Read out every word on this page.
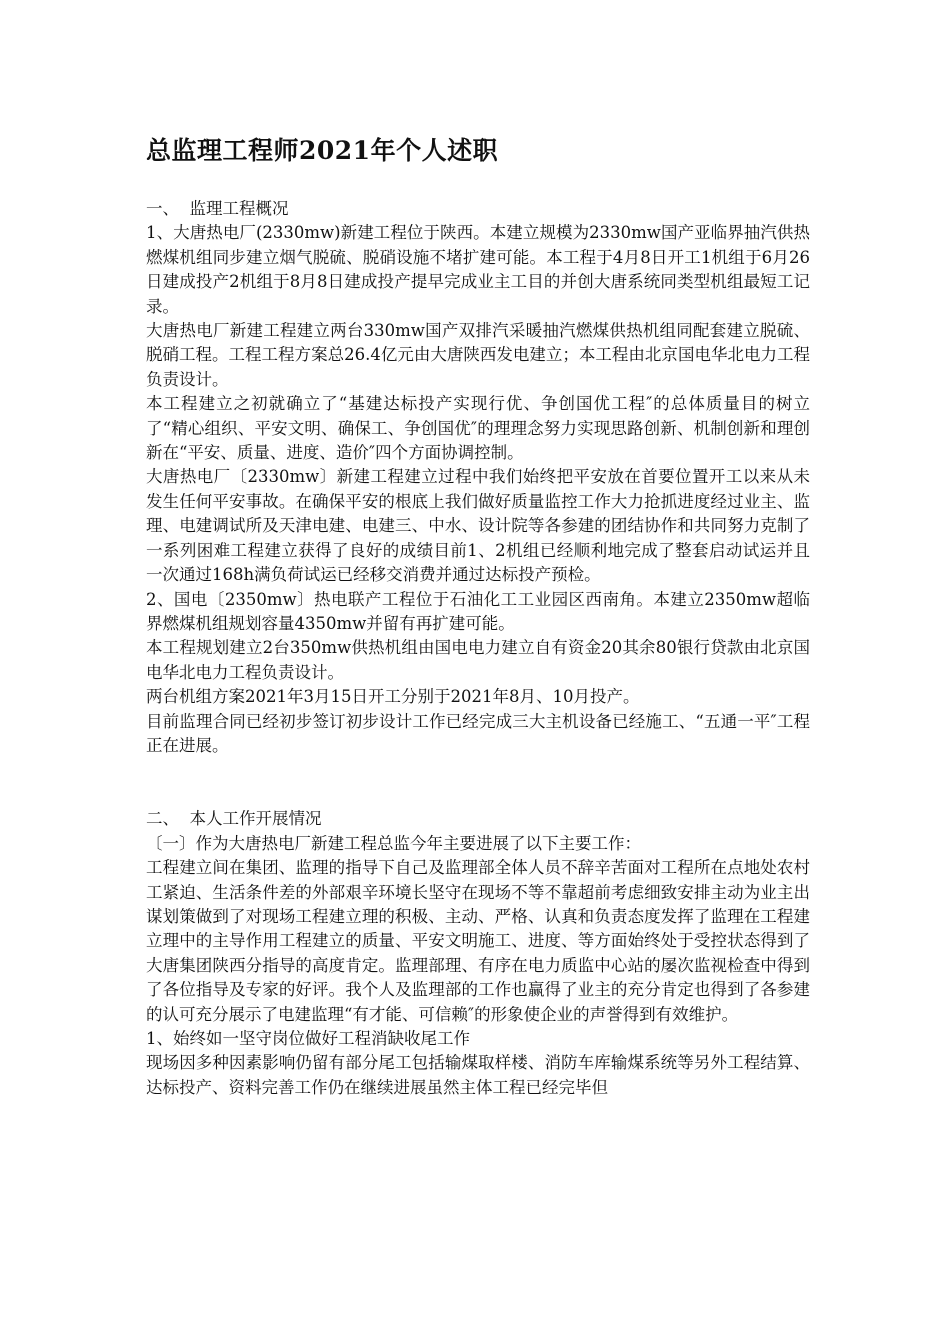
总监理工程师2021年个人述职

一、  监理工程概况

1、大唐热电厂(2330mw)新建工程位于陕西。本建立规模为2330mw国产亚临界抽汽供热燃煤机组同步建立烟气脱硫、脱硝设施不堵扩建可能。本工程于4月8日开工1机组于6月26日建成投产2机组于8月8日建成投产提早完成业主工目的并创大唐系统同类型机组最短工记录。

大唐热电厂新建工程建立两台330mw国产双排汽采暖抽汽燃煤供热机组同配套建立脱硫、脱硝工程。工程工程方案总26.4亿元由大唐陕西发电建立；本工程由北京国电华北电力工程负责设计。

本工程建立之初就确立了“基建达标投产实现行优、争创国优工程″的总体质量目的树立了“精心组织、平安文明、确保工、争创国优″的理理念努力实现思路创新、机制创新和理创新在“平安、质量、进度、造价″四个方面协调控制。

大唐热电厂〔2330mw〕新建工程建立过程中我们始终把平安放在首要位置开工以来从未发生任何平安事故。在确保平安的根底上我们做好质量监控工作大力抢抓进度经过业主、监理、电建调试所及天津电建、电建三、中水、设计院等各参建的团结协作和共同努力克制了一系列困难工程建立获得了良好的成绩目前1、2机组已经顺利地完成了整套启动试运并且一次通过168h满负荷试运已经移交消费并通过达标投产预检。

2、国电〔2350mw〕热电联产工程位于石油化工工业园区西南角。本建立2350mw超临界燃煤机组规划容量4350mw并留有再扩建可能。

本工程规划建立2台350mw供热机组由国电电力建立自有资金20其余80银行贷款由北京国电华北电力工程负责设计。

两台机组方案2021年3月15日开工分别于2021年8月、10月投产。

目前监理合同已经初步签订初步设计工作已经完成三大主机设备已经施工、“五通一平″工程正在进展。

二、  本人工作开展情况

〔一〕作为大唐热电厂新建工程总监今年主要进展了以下主要工作：

工程建立间在集团、监理的指导下自己及监理部全体人员不辞辛苦面对工程所在点地处农村工紧迫、生活条件差的外部艰辛环境长坚守在现场不等不靠超前考虑细致安排主动为业主出谋划策做到了对现场工程建立理的积极、主动、严格、认真和负责态度发挥了监理在工程建立理中的主导作用工程建立的质量、平安文明施工、进度、等方面始终处于受控状态得到了大唐集团陕西分指导的高度肯定。监理部理、有序在电力质监中心站的屡次监视检查中得到了各位指导及专家的好评。我个人及监理部的工作也赢得了业主的充分肯定也得到了各参建的认可充分展示了电建监理“有才能、可信赖″的形象使企业的声誉得到有效维护。

1、始终如一坚守岗位做好工程消缺收尾工作

现场因多种因素影响仍留有部分尾工包括输煤取样楼、消防车库输煤系统等另外工程结算、达标投产、资料完善工作仍在继续进展虽然主体工程已经完毕但
